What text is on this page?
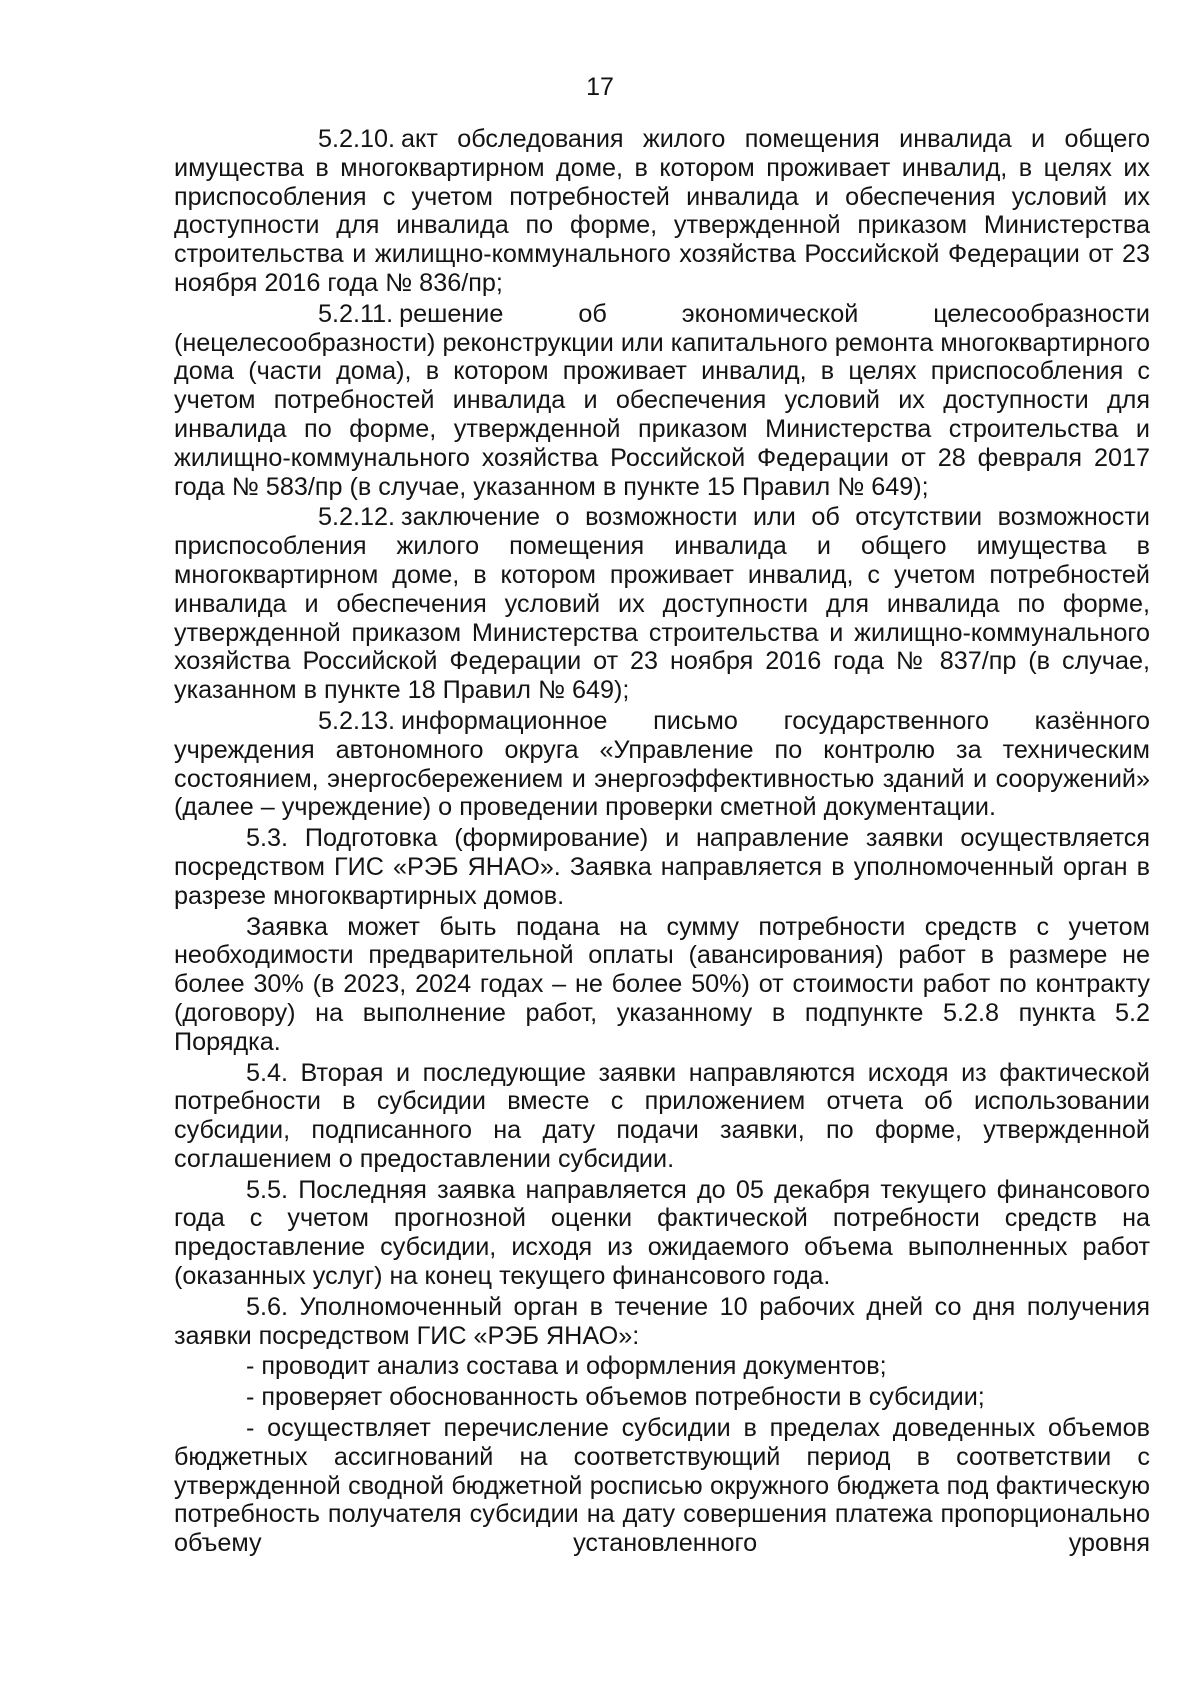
17

5.2.10. акт обследования жилого помещения инвалида и общего имущества в многоквартирном доме, в котором проживает инвалид, в целях их приспособления с учетом потребностей инвалида и обеспечения условий их доступности для инвалида по форме, утвержденной приказом Министерства строительства и жилищно-коммунального хозяйства Российской Федерации от 23 ноября 2016 года № 836/пр;

5.2.11. решение об экономической целесообразности (нецелесообразности) реконструкции или капитального ремонта многоквартирного дома (части дома), в котором проживает инвалид, в целях приспособления с учетом потребностей инвалида и обеспечения условий их доступности для инвалида по форме, утвержденной приказом Министерства строительства и жилищно-коммунального хозяйства Российской Федерации от 28 февраля 2017 года № 583/пр (в случае, указанном в пункте 15 Правил № 649);

5.2.12. заключение о возможности или об отсутствии возможности приспособления жилого помещения инвалида и общего имущества в многоквартирном доме, в котором проживает инвалид, с учетом потребностей инвалида и обеспечения условий их доступности для инвалида по форме, утвержденной приказом Министерства строительства и жилищно-коммунального хозяйства Российской Федерации от 23 ноября 2016 года № 837/пр (в случае, указанном в пункте 18 Правил № 649);

5.2.13. информационное письмо государственного казённого учреждения автономного округа «Управление по контролю за техническим состоянием, энергосбережением и энергоэффективностью зданий и сооружений» (далее – учреждение) о проведении проверки сметной документации.

5.3. Подготовка (формирование) и направление заявки осуществляется посредством ГИС «РЭБ ЯНАО». Заявка направляется в уполномоченный орган в разрезе многоквартирных домов.

Заявка может быть подана на сумму потребности средств с учетом необходимости предварительной оплаты (авансирования) работ в размере не более 30% (в 2023, 2024 годах – не более 50%) от стоимости работ по контракту (договору) на выполнение работ, указанному в подпункте 5.2.8 пункта 5.2 Порядка.

5.4. Вторая и последующие заявки направляются исходя из фактической потребности в субсидии вместе с приложением отчета об использовании субсидии, подписанного на дату подачи заявки, по форме, утвержденной соглашением о предоставлении субсидии.

5.5. Последняя заявка направляется до 05 декабря текущего финансового года с учетом прогнозной оценки фактической потребности средств на предоставление субсидии, исходя из ожидаемого объема выполненных работ (оказанных услуг) на конец текущего финансового года.

5.6. Уполномоченный орган в течение 10 рабочих дней со дня получения заявки посредством ГИС «РЭБ ЯНАО»:

- проводит анализ состава и оформления документов;

- проверяет обоснованность объемов потребности в субсидии;

- осуществляет перечисление субсидии в пределах доведенных объемов бюджетных ассигнований на соответствующий период в соответствии с утвержденной сводной бюджетной росписью окружного бюджета под фактическую потребность получателя субсидии на дату совершения платежа пропорционально объему установленного уровня
